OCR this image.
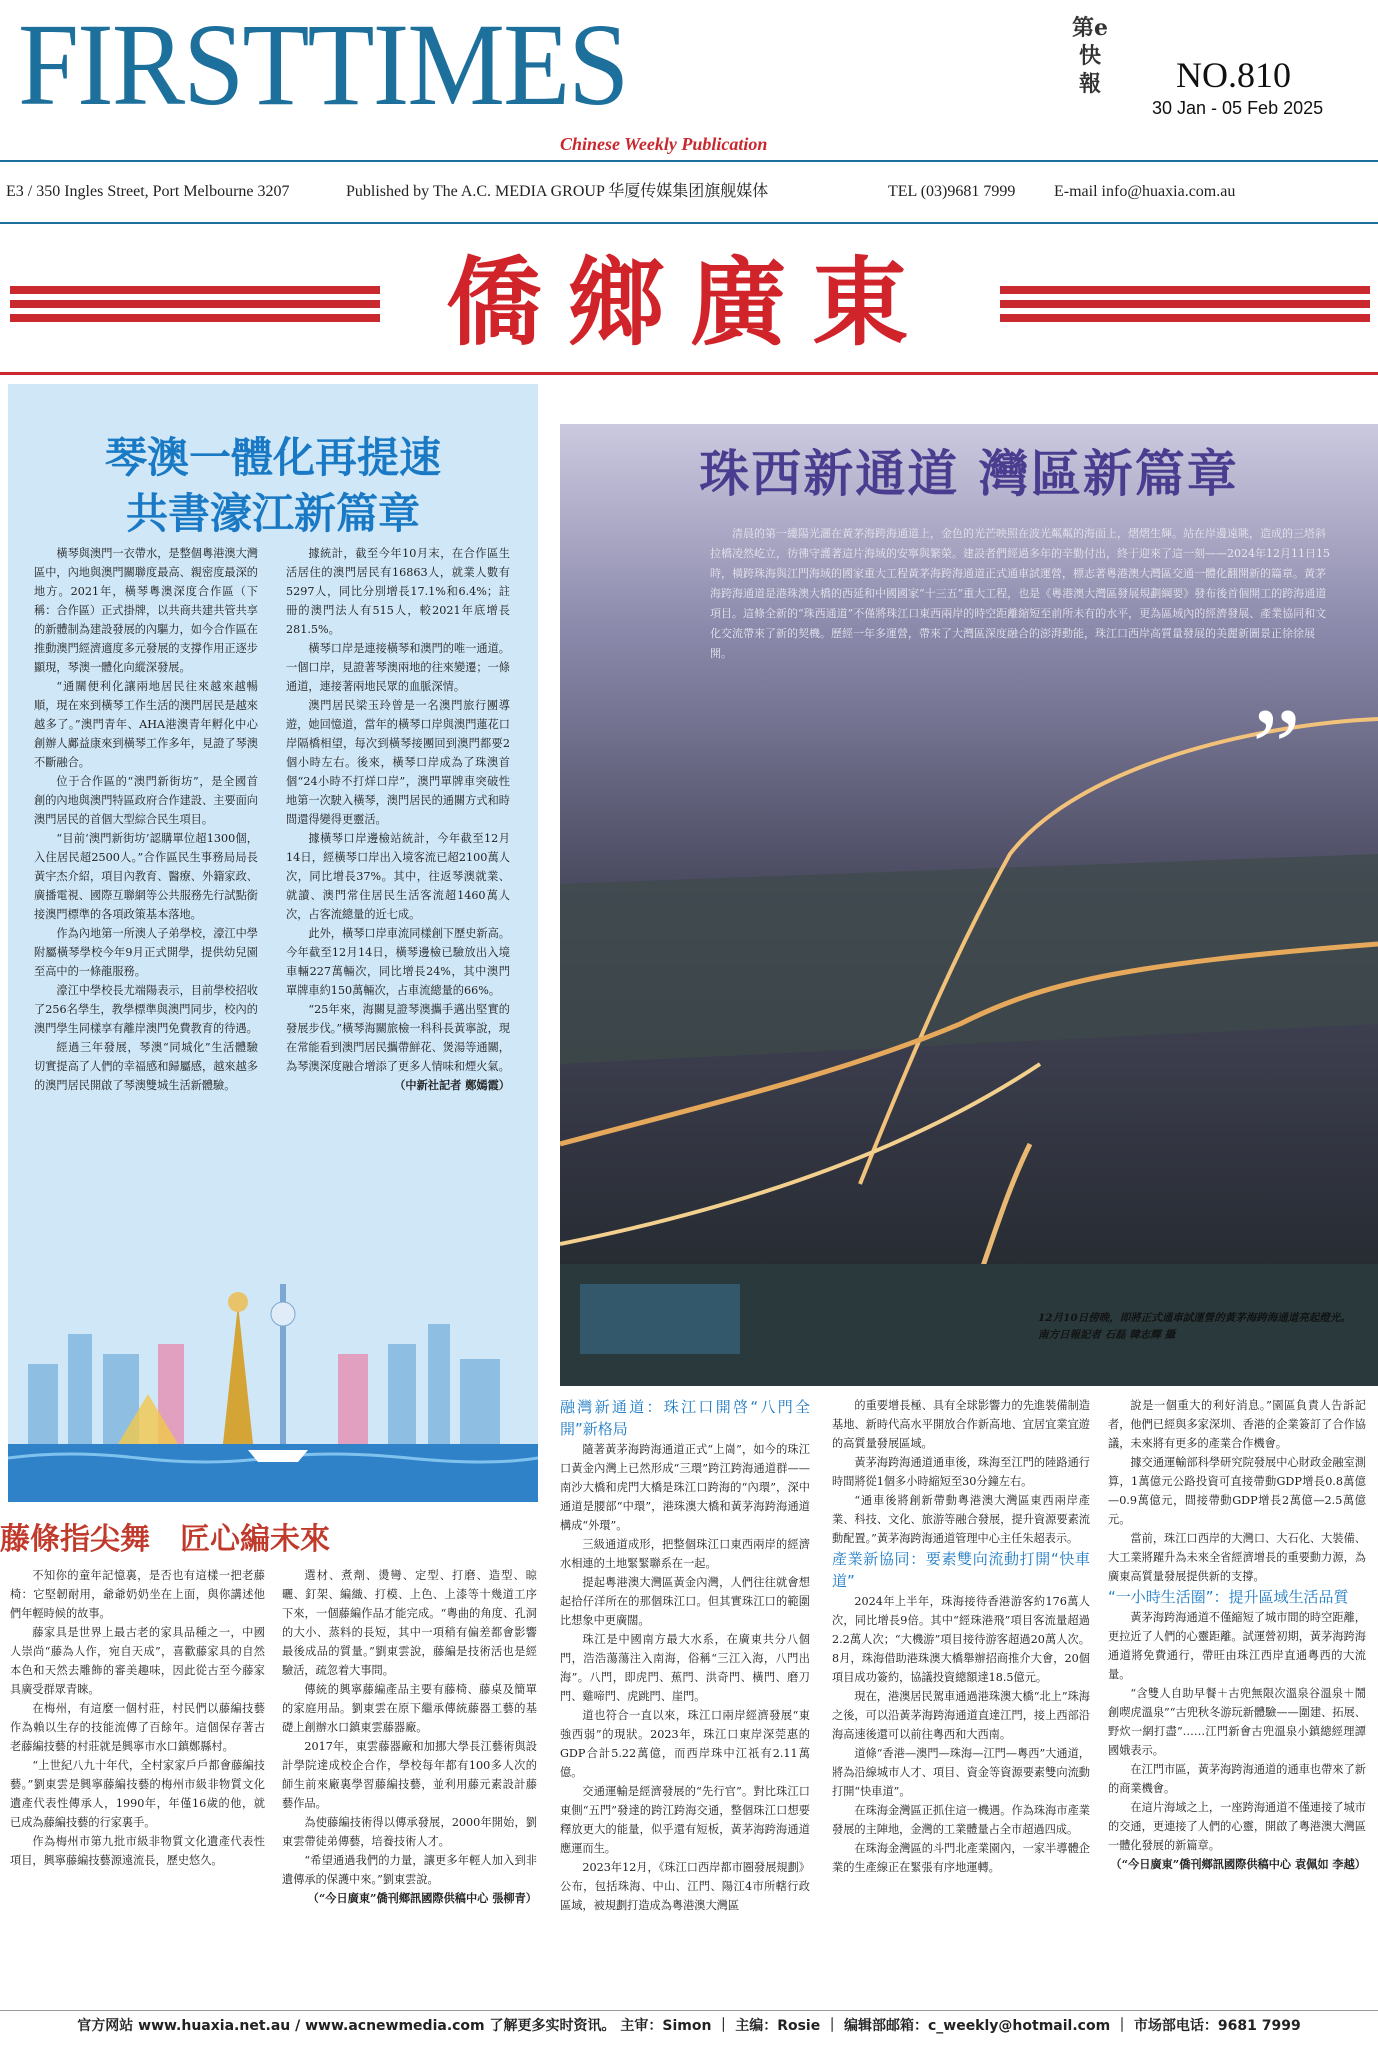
FIRSTTIMES
Chinese Weekly Publication
第e快報 NO.810
30 Jan - 05 Feb 2025
E3 / 350 Ingles Street, Port Melbourne 3207	Published by The A.C. MEDIA GROUP 华厦传媒集团旗舰媒体	TEL (03)9681 7999 E-mail info@huaxia.com.au
僑鄉廣東
琴澳一體化再提速
共書濠江新篇章

橫琴與澳門一衣帶水，是整個粵港澳大灣區中，內地與澳門關聯度最高、親密度最深的地方。2021年，橫琴粵澳深度合作區（下稱：合作區）正式掛牌，以共商共建共管共享的新體制為建設發展的內驅力，如今合作區在推動澳門經濟適度多元發展的支撐作用正逐步顯現，琴澳一體化向縱深發展。

“通關便利化讓兩地居民往來越來越暢順，現在來到橫琴工作生活的澳門居民是越來越多了。”澳門青年、AHA港澳青年孵化中心創辦人鄺益康來到橫琴工作多年，見證了琴澳不斷融合。

位于合作區的“澳門新街坊”，是全國首創的內地與澳門特區政府合作建設、主要面向澳門居民的首個大型綜合民生項目。

“目前‘澳門新街坊’認購單位超1300個，入住居民超2500人。”合作區民生事務局局長黃宇杰介紹，項目內教育、醫療、外籍家政、廣播電視、國際互聯網等公共服務先行試點銜接澳門標準的各項政策基本落地。

作為內地第一所澳人子弟學校，濠江中學附屬橫琴學校今年9月正式開學，提供幼兒園至高中的一條龍服務。

濠江中學校長尤端陽表示，目前學校招收了256名學生，教學標準與澳門同步，校內的澳門學生同樣享有離岸澳門免費教育的待遇。

經過三年發展，琴澳“同城化”生活體驗切實提高了人們的幸福感和歸屬感，越來越多的澳門居民開啟了琴澳雙城生活新體驗。

據統計，截至今年10月末，在合作區生活居住的澳門居民有16863人，就業人數有5297人，同比分別增長17.1%和6.4%；註冊的澳門法人有515人，較2021年底增長281.5%。

橫琴口岸是連接橫琴和澳門的唯一通道。一個口岸，見證著琴澳兩地的往來變遷；一條通道，連接著兩地民眾的血脈深情。

澳門居民梁玉玲曾是一名澳門旅行團導遊，她回憶道，當年的橫琴口岸與澳門蓮花口岸隔橋相望，每次到橫琴接團回到澳門都要2個小時左右。後來，橫琴口岸成為了珠澳首個“24小時不打烊口岸”，澳門單牌車突破性地第一次駛入橫琴，澳門居民的通關方式和時間還得變得更靈活。

據橫琴口岸邊檢站統計，今年截至12月14日，經橫琴口岸出入境客流已超2100萬人次，同比增長37%。其中，往返琴澳就業、就讀、澳門常住居民生活客流超1460萬人次，占客流總量的近七成。

此外，橫琴口岸車流同樣創下歷史新高。今年截至12月14日，橫琴邊檢已驗放出入境車輛227萬輛次，同比增長24%，其中澳門單牌車約150萬輛次，占車流總量的66%。

“25年來，海關見證琴澳攜手邁出堅實的發展步伐。”橫琴海關旅檢一科科長黃寧說，現在常能看到澳門居民攜帶鮮花、煲湯等通關，為琴澳深度融合增添了更多人情味和煙火氣。

（中新社記者 鄭嫣霞）

珠西新通道 灣區新篇章
清晨的第一縷陽光灑在黃茅海跨海通道上，金色的光芒映照在波光粼粼的海面上，熠熠生輝。站在岸邊遠眺，造成的三塔斜拉橋凌然屹立，彷彿守護著這片海域的安寧與繁榮。建設者們經過多年的辛勤付出，終于迎來了這一刻——2024年12月11日15時，橫跨珠海與江門海域的國家重大工程黃茅海跨海通道正式通車試運營，標志著粵港澳大灣區交通一體化翻開新的篇章。黃茅海跨海通道是港珠澳大橋的西延和中國國家“十三五”重大工程，也是《粵港澳大灣區發展規劃綱要》發布後首個開工的跨海通道項目。這條全新的“珠西通道”不僅將珠江口東西兩岸的時空距離縮短至前所未有的水平，更為區域內的經濟發展、產業協同和文化交流帶來了新的契機。歷經一年多運營，帶來了大灣區深度融合的澎湃動能，珠江口西岸高質量發展的美麗新圖景正徐徐展開。
”
12月10日傍晚，即將正式通車試運營的黃茅海跨海通道亮起燈光。南方日報記者 石磊 韓志輝 攝
藤條指尖舞　匠心編未來

不知你的童年記憶裏，是否也有這樣一把老藤椅：它堅韌耐用，爺爺奶奶坐在上面，與你講述他們年輕時候的故事。

藤家具是世界上最古老的家具品種之一，中國人崇尚“藤為人作，宛自天成”，喜歡藤家具的自然本色和天然去雕飾的審美趣味，因此從古至今藤家具廣受群眾青睞。

在梅州，有這麼一個村莊，村民們以藤編技藝作為賴以生存的技能流傳了百餘年。這個保存著古老藤編技藝的村莊就是興寧市水口鎮鄭縣村。

“上世紀八九十年代，全村家家戶戶都會藤編技藝。”劉東雲是興寧藤編技藝的梅州市級非物質文化遺產代表性傳承人，1990年，年僅16歲的他，就已成為藤編技藝的行家裏手。

作為梅州市第九批市級非物質文化遺產代表性項目，興寧藤編技藝源遠流長，歷史悠久。

選材、煮劑、燙彎、定型、打磨、造型、晾曬、釘架、編織、打模、上色、上漆等十幾道工序下來，一個藤編作品才能完成。“粵曲的角度、孔洞的大小、蒸料的長短，其中一項稍有偏差都會影響最後成品的質量。”劉東雲說，藤編是技術活也是經驗活，疏忽着大事問。

傳統的興寧藤編產品主要有藤椅、藤桌及簡單的家庭用品。劉東雲在原下繼承傳統藤器工藝的基礎上創辦水口鎮東雲藤器廠。

2017年，東雲藤器廠和加挪大學長江藝術與設計學院達成校企合作，學校每年都有100多人次的師生前來廠裏學習藤編技藝，並利用藤元素設計藤藝作品。

為使藤編技術得以傳承發展，2000年開始，劉東雲帶徒弟傳藝，培養技術人才。

“希望通過我們的力量，讓更多年輕人加入到非遺傳承的保護中來。”劉東雲說。

（“今日廣東”僑刊鄉訊國際供稿中心 張柳青）

融灣新通道：珠江口開啓“八門全開”新格局

隨著黃茅海跨海通道正式“上崗”，如今的珠江口黃金內灣上已然形成“三環”跨江跨海通道群——南沙大橋和虎門大橋是珠江口跨海的“內環”，深中通道是腰部“中環”，港珠澳大橋和黃茅海跨海通道構成“外環”。

三級通道成形，把整個珠江口東西兩岸的經濟水相連的土地緊緊聯系在一起。

提起粵港澳大灣區黃金內灣，人們往往就會想起拾仔洋所在的那個珠江口。但其實珠江口的範圍比想象中更廣闊。

珠江是中國南方最大水系，在廣東共分八個門，浩浩蕩蕩注入南海，俗稱“三江入海，八門出海”。八門，即虎門、蕉門、洪奇門、橫門、磨刀門、雞啼門、虎跳門、崖門。

道也符合一直以來，珠江口兩岸經濟發展“東強西弱”的現狀。2023年，珠江口東岸深莞惠的GDP合計5.22萬億，而西岸珠中江祇有2.11萬億。

交通運輸是經濟發展的“先行官”。對比珠江口東側“五門”發達的跨江跨海交通，整個珠江口想要釋放更大的能量，似乎還有短板，黃茅海跨海通道應運而生。

2023年12月，《珠江口西岸都市圈發展規劃》公布，包括珠海、中山、江門、陽江4市所轄行政區域，被規劃打造成為粵港澳大灣區

的重要增長極、具有全球影響力的先進裝備制造基地、新時代高水平開放合作新高地、宜居宜業宜遊的高質量發展區域。

黃茅海跨海通道通車後，珠海至江門的陸路通行時間將從1個多小時縮短至30分鐘左右。

“通車後將創新帶動粵港澳大灣區東西兩岸產業、科技、文化、旅游等融合發展，提升資源要素流動配置。”黃茅海跨海通道管理中心主任朱超表示。

產業新協同：要素雙向流動打開“快車道”

2024年上半年，珠海接待香港游客約176萬人次，同比增長9倍。其中“經珠港飛”項目客流量超過2.2萬人次；“大機游”項目接待游客超過20萬人次。8月，珠海借助港珠澳大橋舉辦招商推介大會，20個項目成功簽約，協議投資總額達18.5億元。

現在，港澳居民駕車通過港珠澳大橋“北上”珠海之後，可以沿黃茅海跨海通道直達江門，接上西部沿海高速後還可以前往粵西和大西南。

道條“香港—澳門—珠海—江門—粵西”大通道，將為沿線城市人才、項目、資金等資源要素雙向流動打開“快車道”。

在珠海金灣區正抓住這一機遇。作為珠海市產業發展的主陣地，金灣的工業體量占全市超過四成。

在珠海金灣區的斗門北產業園內，一家半導體企業的生產線正在緊張有序地運轉。

說是一個重大的利好消息。”園區負責人告訴記者，他們已經與多家深圳、香港的企業簽訂了合作協議，未來將有更多的產業合作機會。

據交通運輸部科學研究院發展中心財政金融室測算，1萬億元公路投資可直接帶動GDP增長0.8萬億—0.9萬億元，間接帶動GDP增長2萬億—2.5萬億元。

當前，珠江口西岸的大灣口、大石化、大裝備、大工業將躍升為未來全省經濟增長的重要動力源，為廣東高質量發展提供新的支撐。

“一小時生活圈”：提升區域生活品質

黃茅海跨海通道不僅縮短了城市間的時空距離，更拉近了人們的心靈距離。試運營初期，黃茅海跨海通道將免費通行，帶旺由珠江西岸直通粵西的大流量。

“含雙人自助早餐＋古兜無限次溫泉谷溫泉＋鬧創喫虎溫泉”“古兜秋冬游玩新體驗——圍建、拓展、野炊一網打盡”……江門新會古兜溫泉小鎮總經理譚國娥表示。

在江門市區，黃茅海跨海通道的通車也帶來了新的商業機會。

在這片海域之上，一座跨海通道不僅連接了城市的交通，更連接了人們的心靈，開啟了粵港澳大灣區一體化發展的新篇章。

（“今日廣東”僑刊鄉訊國際供稿中心 袁佩如 李越）

官方网站 www.huaxia.net.au / www.acnewmedia.com 了解更多实时资讯。 主审：Simon ｜ 主编：Rosie ｜ 编辑部邮箱：c_weekly@hotmail.com ｜ 市场部电话：9681 7999
